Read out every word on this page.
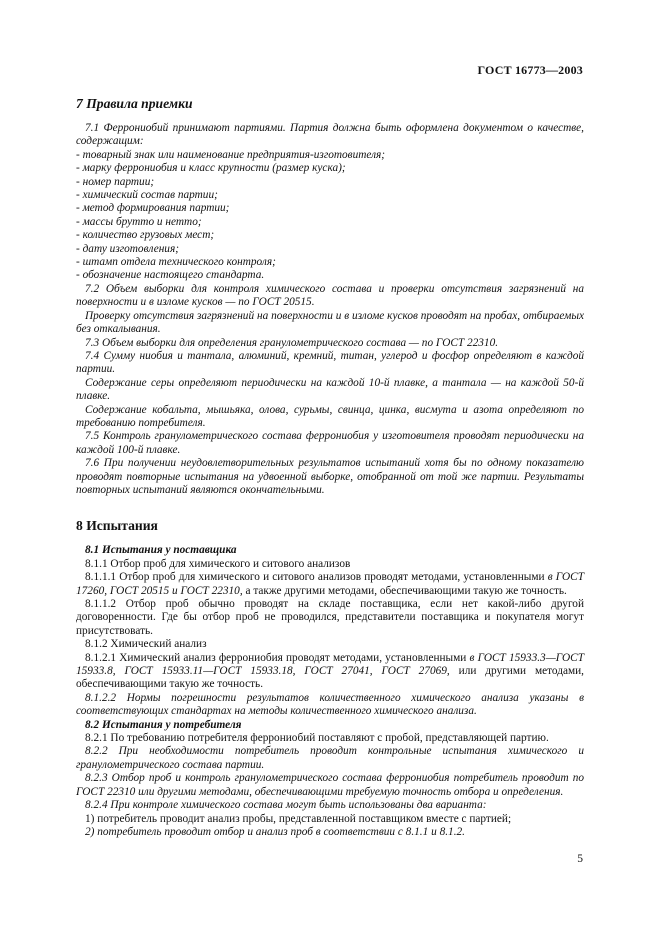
ГОСТ 16773—2003

7 Правила приемки

7.1 Феррониобий принимают партиями. Партия должна быть оформлена документом о качестве, содержащим:

- товарный знак или наименование предприятия-изготовителя;

- марку феррониобия и класс крупности (размер куска);

- номер партии;

- химический состав партии;

- метод формирования партии;

- массы брутто и нетто;

- количество грузовых мест;

- дату изготовления;

- штамп отдела технического контроля;

- обозначение настоящего стандарта.

7.2 Объем выборки для контроля химического состава и проверки отсутствия загрязнений на поверхности и в изломе кусков — по ГОСТ 20515.

Проверку отсутствия загрязнений на поверхности и в изломе кусков проводят на пробах, отбираемых без откалывания.

7.3 Объем выборки для определения гранулометрического состава — по ГОСТ 22310.

7.4 Сумму ниобия и тантала, алюминий, кремний, титан, углерод и фосфор определяют в каждой партии.

Содержание серы определяют периодически на каждой 10-й плавке, а тантала — на каждой 50-й плавке.

Содержание кобальта, мышьяка, олова, сурьмы, свинца, цинка, висмута и азота определяют по требованию потребителя.

7.5 Контроль гранулометрического состава феррониобия у изготовителя проводят периодически на каждой 100-й плавке.

7.6 При получении неудовлетворительных результатов испытаний хотя бы по одному показателю проводят повторные испытания на удвоенной выборке, отобранной от той же партии. Результаты повторных испытаний являются окончательными.

8 Испытания

8.1 Испытания у поставщика

8.1.1 Отбор проб для химического и ситового анализов

8.1.1.1 Отбор проб для химического и ситового анализов проводят методами, установленными в ГОСТ 17260, ГОСТ 20515 и ГОСТ 22310, а также другими методами, обеспечивающими такую же точность.

8.1.1.2 Отбор проб обычно проводят на складе поставщика, если нет какой-либо другой договоренности. Где бы отбор проб не проводился, представители поставщика и покупателя могут присутствовать.

8.1.2 Химический анализ

8.1.2.1 Химический анализ феррониобия проводят методами, установленными в ГОСТ 15933.3—ГОСТ 15933.8, ГОСТ 15933.11—ГОСТ 15933.18, ГОСТ 27041, ГОСТ 27069, или другими методами, обеспечивающими такую же точность.

8.1.2.2 Нормы погрешности результатов количественного химического анализа указаны в соответствующих стандартах на методы количественного химического анализа.

8.2 Испытания у потребителя

8.2.1 По требованию потребителя феррониобий поставляют с пробой, представляющей партию.

8.2.2 При необходимости потребитель проводит контрольные испытания химического и гранулометрического состава партии.

8.2.3 Отбор проб и контроль гранулометрического состава феррониобия потребитель проводит по ГОСТ 22310 или другими методами, обеспечивающими требуемую точность отбора и определения.

8.2.4 При контроле химического состава могут быть использованы два варианта:

1) потребитель проводит анализ пробы, представленной поставщиком вместе с партией;

2) потребитель проводит отбор и анализ проб в соответствии с 8.1.1 и 8.1.2.

5
